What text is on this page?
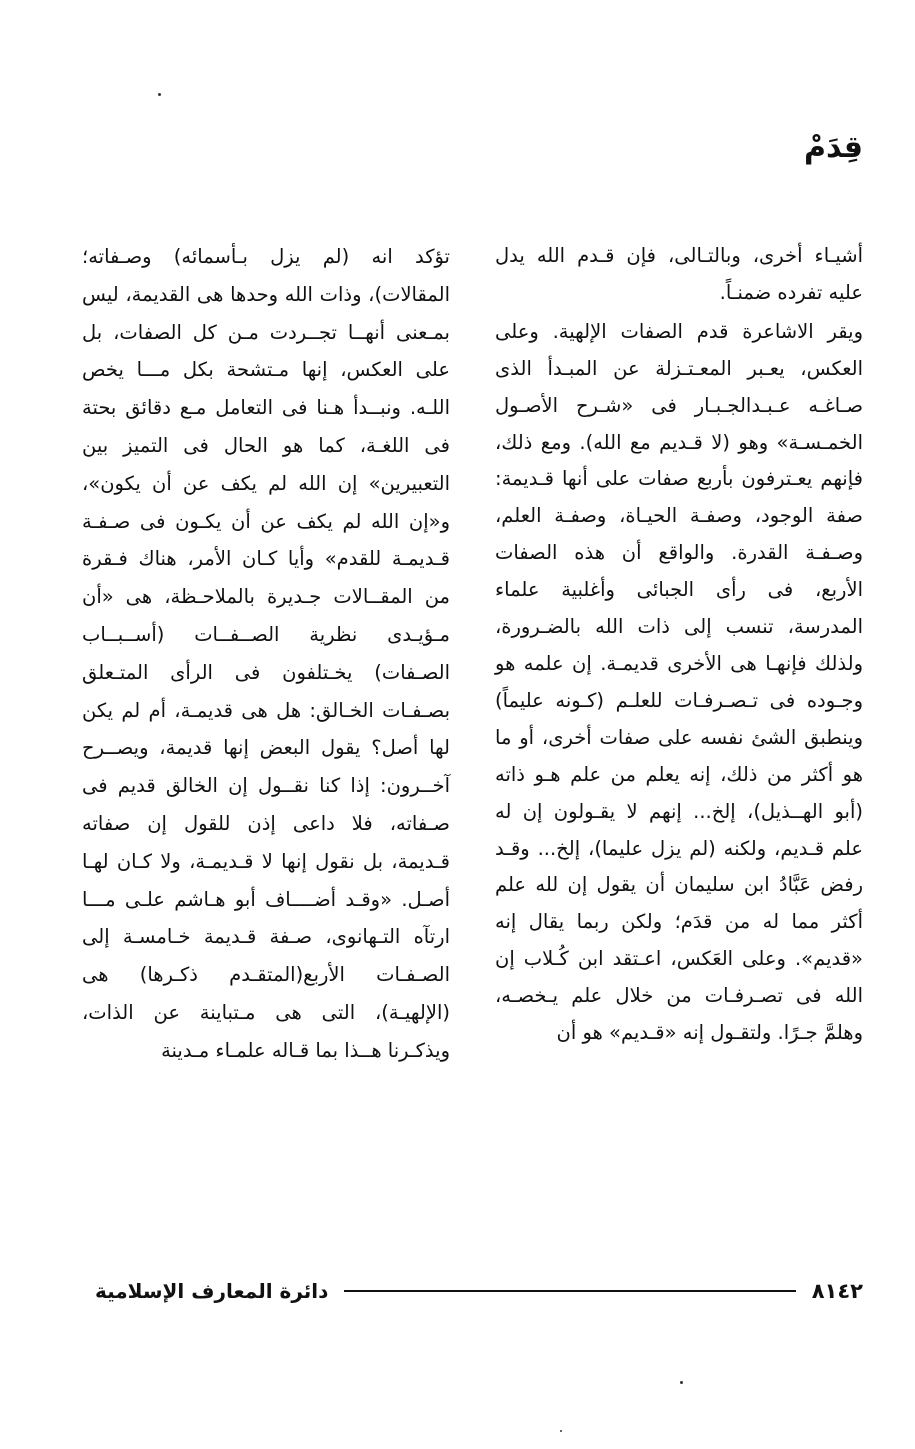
قِدَمْ

أشيـاء أخرى، وبالتـالى، فإن قـدم الله يدل عليه تفرده ضمنـاً.

ويقر الاشاعرة قدم الصفات الإلهية. وعلى العكس، يعـبر المعـتـزلة عن المبـدأ الذى صـاغـه عـبـدالجـبـار فى «شـرح الأصـول الخمـسـة» وهو (لا قـديم مع الله). ومع ذلك، فإنهم يعـترفون بأربع صفات على أنها قـديمة: صفة الوجود، وصفـة الحيـاة، وصفـة العلم، وصـفـة القدرة. والواقع أن هذه الصفات الأربع، فى رأى الجبائى وأغلبية علماء المدرسة، تنسب إلى ذات الله بالضـرورة، ولذلك فإنهـا هى الأخرى قديمـة. إن علمه هو وجـوده فى تـصـرفـات للعلـم (كـونه عليماً) وينطبق الشئ نفسه على صفات أخرى، أو ما هو أكثر من ذلك، إنه يعلم من علم هـو ذاته (أبو الهــذيل)، إلخ... إنهم لا يقـولون إن له علم قـديم، ولكنه (لم يزل عليما)، إلخ... وقـد رفض عَبَّادُ ابن سليمان أن يقول إن لله علم أكثر مما له من قدَم؛ ولكن ربما يقال إنه «قديم». وعلى العَكس، اعـتقد ابن كُـلاب إن الله فى تصـرفـات من خلال علم يـخصـه، وهلمَّ جـرًا. ولتقـول إنه «قـديم» هو أن

تؤكد انه (لم يزل بـأسمائه) وصـفاته؛ المقالات)، وذات الله وحدها هى القديمة، ليس بمـعنى أنهــا تجــردت مـن كل الصفات، بل على العكس، إنها مـتشحة بكل مـــا يخص اللـه. ونبــدأ هـنا فى التعامل مـع دقائق بحتة فى اللغـة، كما هو الحال فى التميز بين التعبيرين» إن الله لم يكف عن أن يكون»، و«إن الله لم يكف عن أن يكـون فى صـفـة قـديمـة للقدم» وأيا كـان الأمر، هناك فـقرة من المقــالات جـديرة بالملاحـظة، هى «أن مـؤيـدى نظرية الصــفــات (أســبــاب الصـفات) يخـتلفون فى الرأى المتـعلق بصـفـات الخـالق: هل هى قديمـة، أم لم يكن لها أصل؟ يقول البعض إنها قديمة، ويصــرح آخــرون: إذا كنا نقــول إن الخالق قديم فى صـفاته، فلا داعى إذن للقول إن صفاته قـديمة، بل نقول إنها لا قـديمـة، ولا كـان لهـا أصـل. «وقـد أضــــاف أبو هـاشم علـى مـــا ارتآه التـهانوى، صـفة قـديمة خـامسـة إلى الصـفـات الأربع(المتقـدم ذكـرها) هى (الإلهيـة)، التى هى مـتباينة عن الذات، ويذكـرنا هــذا بما قـاله علمـاء مـدينة

٨١٤٢
دائرة المعارف الإسلامية
